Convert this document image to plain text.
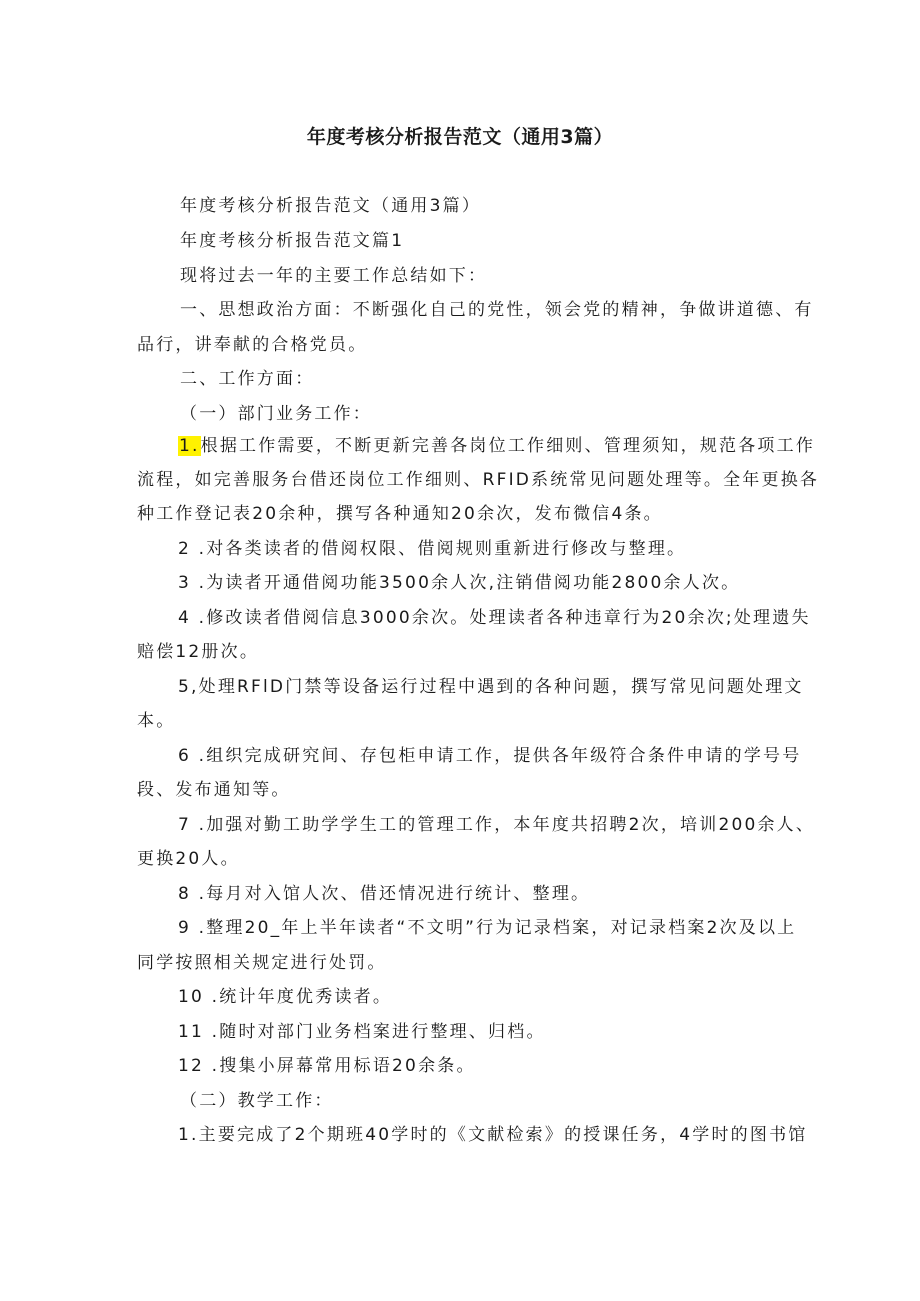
年度考核分析报告范文（通用3篇）
年度考核分析报告范文（通用3篇）
年度考核分析报告范文篇1
现将过去一年的主要工作总结如下：
一、思想政治方面：不断强化自己的党性，领会党的精神，争做讲道德、有
品行，讲奉献的合格党员。
二、工作方面：
（一）部门业务工作：
1.根据工作需要，不断更新完善各岗位工作细则、管理须知，规范各项工作
流程，如完善服务台借还岗位工作细则、RFID系统常见问题处理等。全年更换各
种工作登记表20余种，撰写各种通知20余次，发布微信4条。
2 .对各类读者的借阅权限、借阅规则重新进行修改与整理。
3 .为读者开通借阅功能3500余人次,注销借阅功能2800余人次。
4 .修改读者借阅信息3000余次。处理读者各种违章行为20余次;处理遗失
赔偿12册次。
5,处理RFlD门禁等设备运行过程中遇到的各种问题，撰写常见问题处理文
本。
6 .组织完成研究间、存包柜申请工作，提供各年级符合条件申请的学号号
段、发布通知等。
7 .加强对勤工助学学生工的管理工作，本年度共招聘2次，培训200余人、
更换20人。
8 .每月对入馆人次、借还情况进行统计、整理。
9 .整理20_年上半年读者“不文明”行为记录档案，对记录档案2次及以上
同学按照相关规定进行处罚。
10 .统计年度优秀读者。
11 .随时对部门业务档案进行整理、归档。
12 .搜集小屏幕常用标语20余条。
（二）教学工作：
1.主要完成了2个期班40学时的《文献检索》的授课任务，4学时的图书馆
